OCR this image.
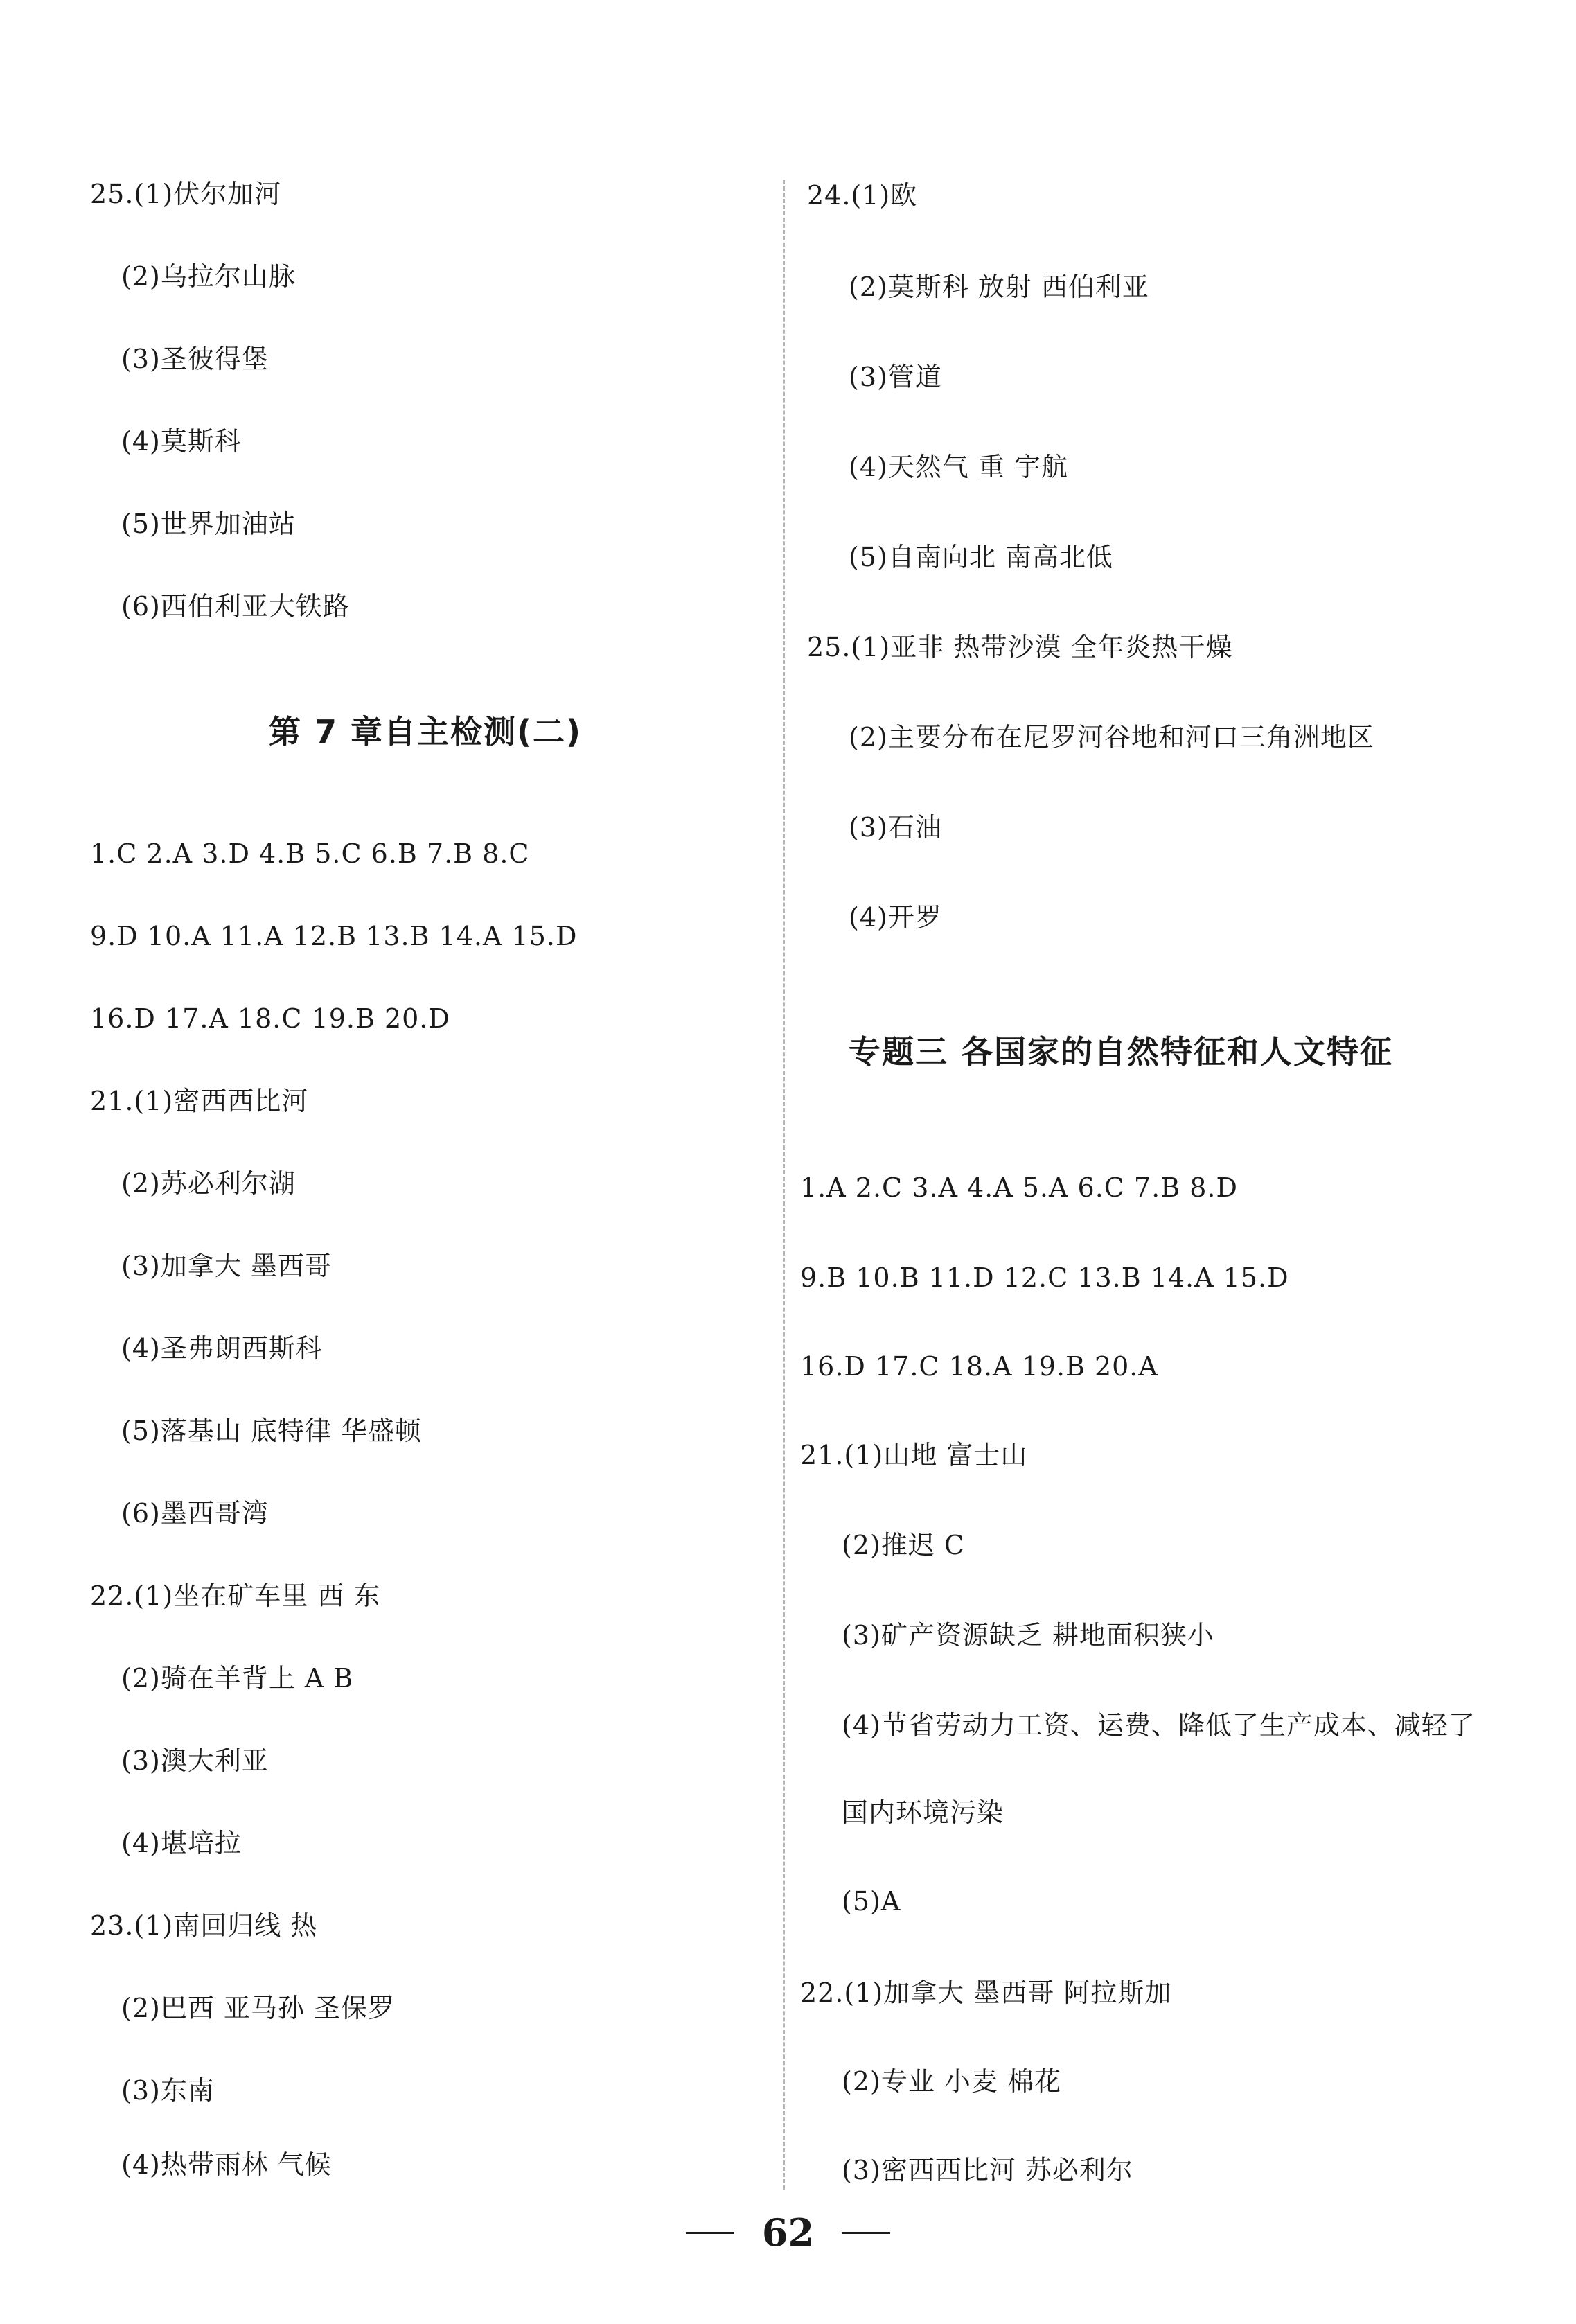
25.(1)伏尔加河
(2)乌拉尔山脉
(3)圣彼得堡
(4)莫斯科
(5)世界加油站
(6)西伯利亚大铁路
第 7 章自主检测(二)
1.C 2.A 3.D 4.B 5.C 6.B 7.B 8.C
9.D 10.A 11.A 12.B 13.B 14.A 15.D
16.D 17.A 18.C 19.B 20.D
21.(1)密西西比河
(2)苏必利尔湖
(3)加拿大 墨西哥
(4)圣弗朗西斯科
(5)落基山 底特律 华盛顿
(6)墨西哥湾
22.(1)坐在矿车里 西 东
(2)骑在羊背上 A B
(3)澳大利亚
(4)堪培拉
23.(1)南回归线 热
(2)巴西 亚马孙 圣保罗
(3)东南
(4)热带雨林 气候
24.(1)欧
(2)莫斯科 放射 西伯利亚
(3)管道
(4)天然气 重 宇航
(5)自南向北 南高北低
25.(1)亚非 热带沙漠 全年炎热干燥
(2)主要分布在尼罗河谷地和河口三角洲地区
(3)石油
(4)开罗
专题三 各国家的自然特征和人文特征
1.A 2.C 3.A 4.A 5.A 6.C 7.B 8.D
9.B 10.B 11.D 12.C 13.B 14.A 15.D
16.D 17.C 18.A 19.B 20.A
21.(1)山地 富士山
(2)推迟 C
(3)矿产资源缺乏 耕地面积狭小
(4)节省劳动力工资、运费、降低了生产成本、减轻了
国内环境污染
(5)A
22.(1)加拿大 墨西哥 阿拉斯加
(2)专业 小麦 棉花
(3)密西西比河 苏必利尔
62
